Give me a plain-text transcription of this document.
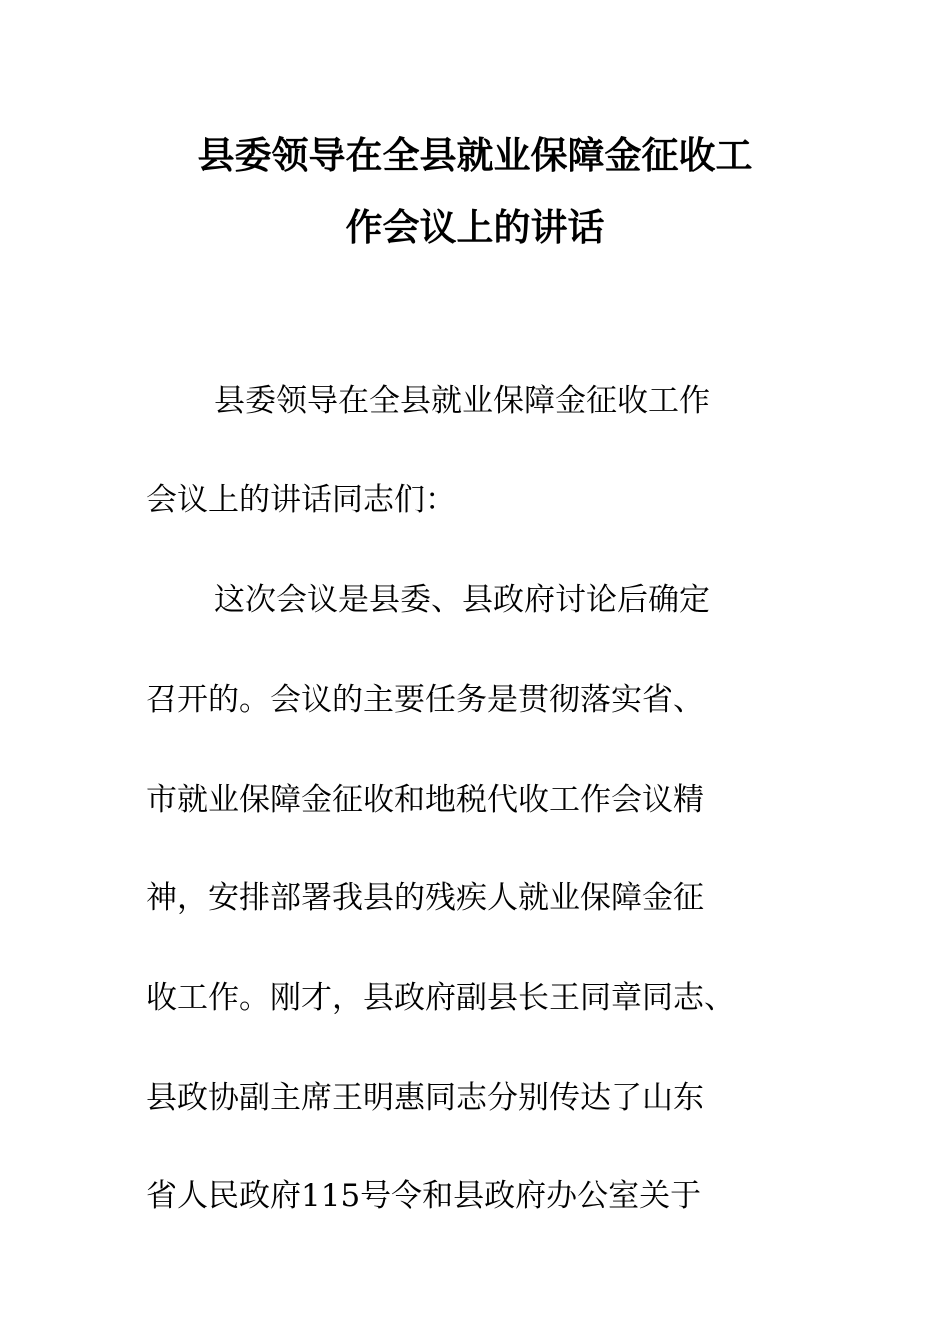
县委领导在全县就业保障金征收工
作会议上的讲话
县委领导在全县就业保障金征收工作
会议上的讲话同志们：
这次会议是县委、县政府讨论后确定
召开的。会议的主要任务是贯彻落实省、
市就业保障金征收和地税代收工作会议精
神，安排部署我县的残疾人就业保障金征
收工作。刚才，县政府副县长王同章同志、
县政协副主席王明惠同志分别传达了山东
省人民政府115号令和县政府办公室关于
